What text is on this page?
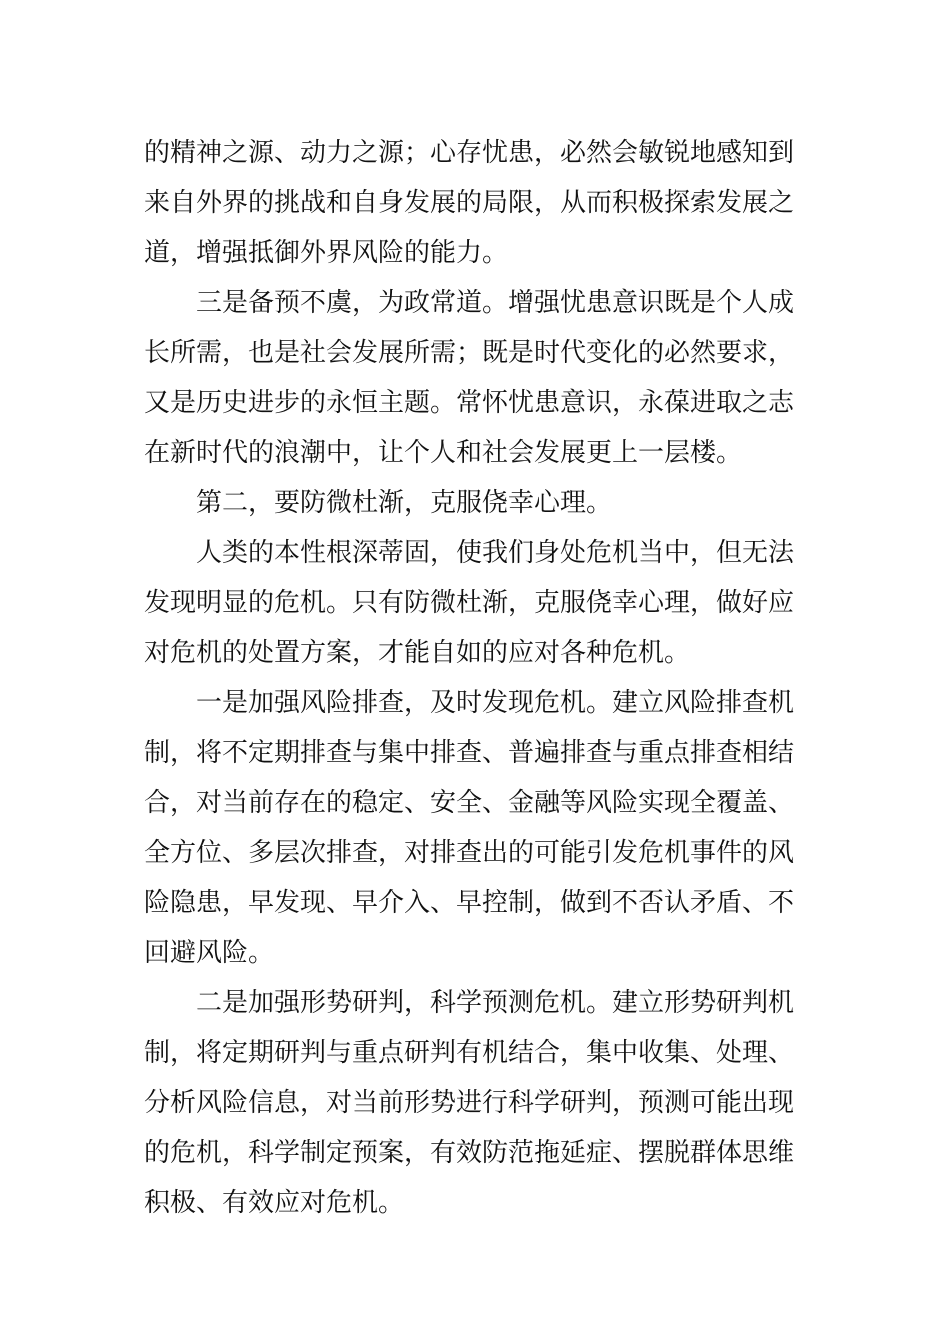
的精神之源、动力之源；心存忧患，必然会敏锐地感知到
来自外界的挑战和自身发展的局限，从而积极探索发展之
道，增强抵御外界风险的能力。
三是备预不虞，为政常道。增强忧患意识既是个人成
长所需，也是社会发展所需；既是时代变化的必然要求，
又是历史进步的永恒主题。常怀忧患意识，永葆进取之志
在新时代的浪潮中，让个人和社会发展更上一层楼。
第二，要防微杜渐，克服侥幸心理。
人类的本性根深蒂固，使我们身处危机当中，但无法
发现明显的危机。只有防微杜渐，克服侥幸心理，做好应
对危机的处置方案，才能自如的应对各种危机。
一是加强风险排查，及时发现危机。建立风险排查机
制，将不定期排查与集中排查、普遍排查与重点排查相结
合，对当前存在的稳定、安全、金融等风险实现全覆盖、
全方位、多层次排查，对排查出的可能引发危机事件的风
险隐患，早发现、早介入、早控制，做到不否认矛盾、不
回避风险。
二是加强形势研判，科学预测危机。建立形势研判机
制，将定期研判与重点研判有机结合，集中收集、处理、
分析风险信息，对当前形势进行科学研判，预测可能出现
的危机，科学制定预案，有效防范拖延症、摆脱群体思维
积极、有效应对危机。
